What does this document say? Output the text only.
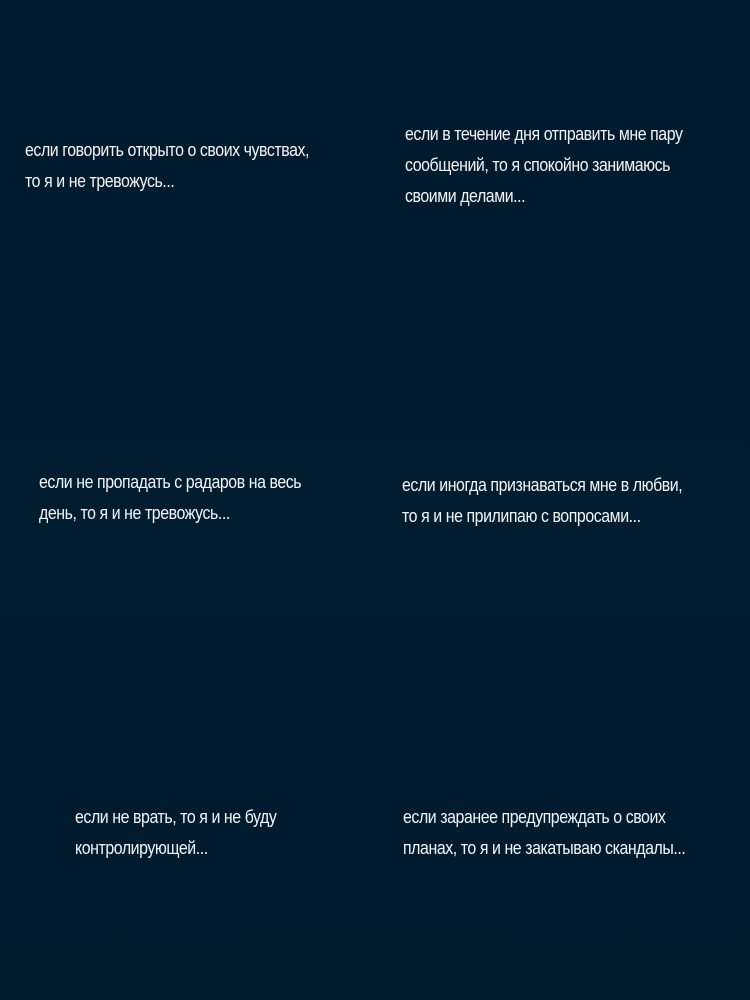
если говорить открыто о своих чувствах,
то я и не тревожусь...
если в течение дня отправить мне пару
сообщений, то я спокойно занимаюсь
своими делами...
если не пропадать с радаров на весь
день, то я и не тревожусь...
если иногда признаваться мне в любви,
то я и не прилипаю с вопросами...
если не врать, то я и не буду
контролирующей...
если заранее предупреждать о своих
планах, то я и не закатываю скандалы...
